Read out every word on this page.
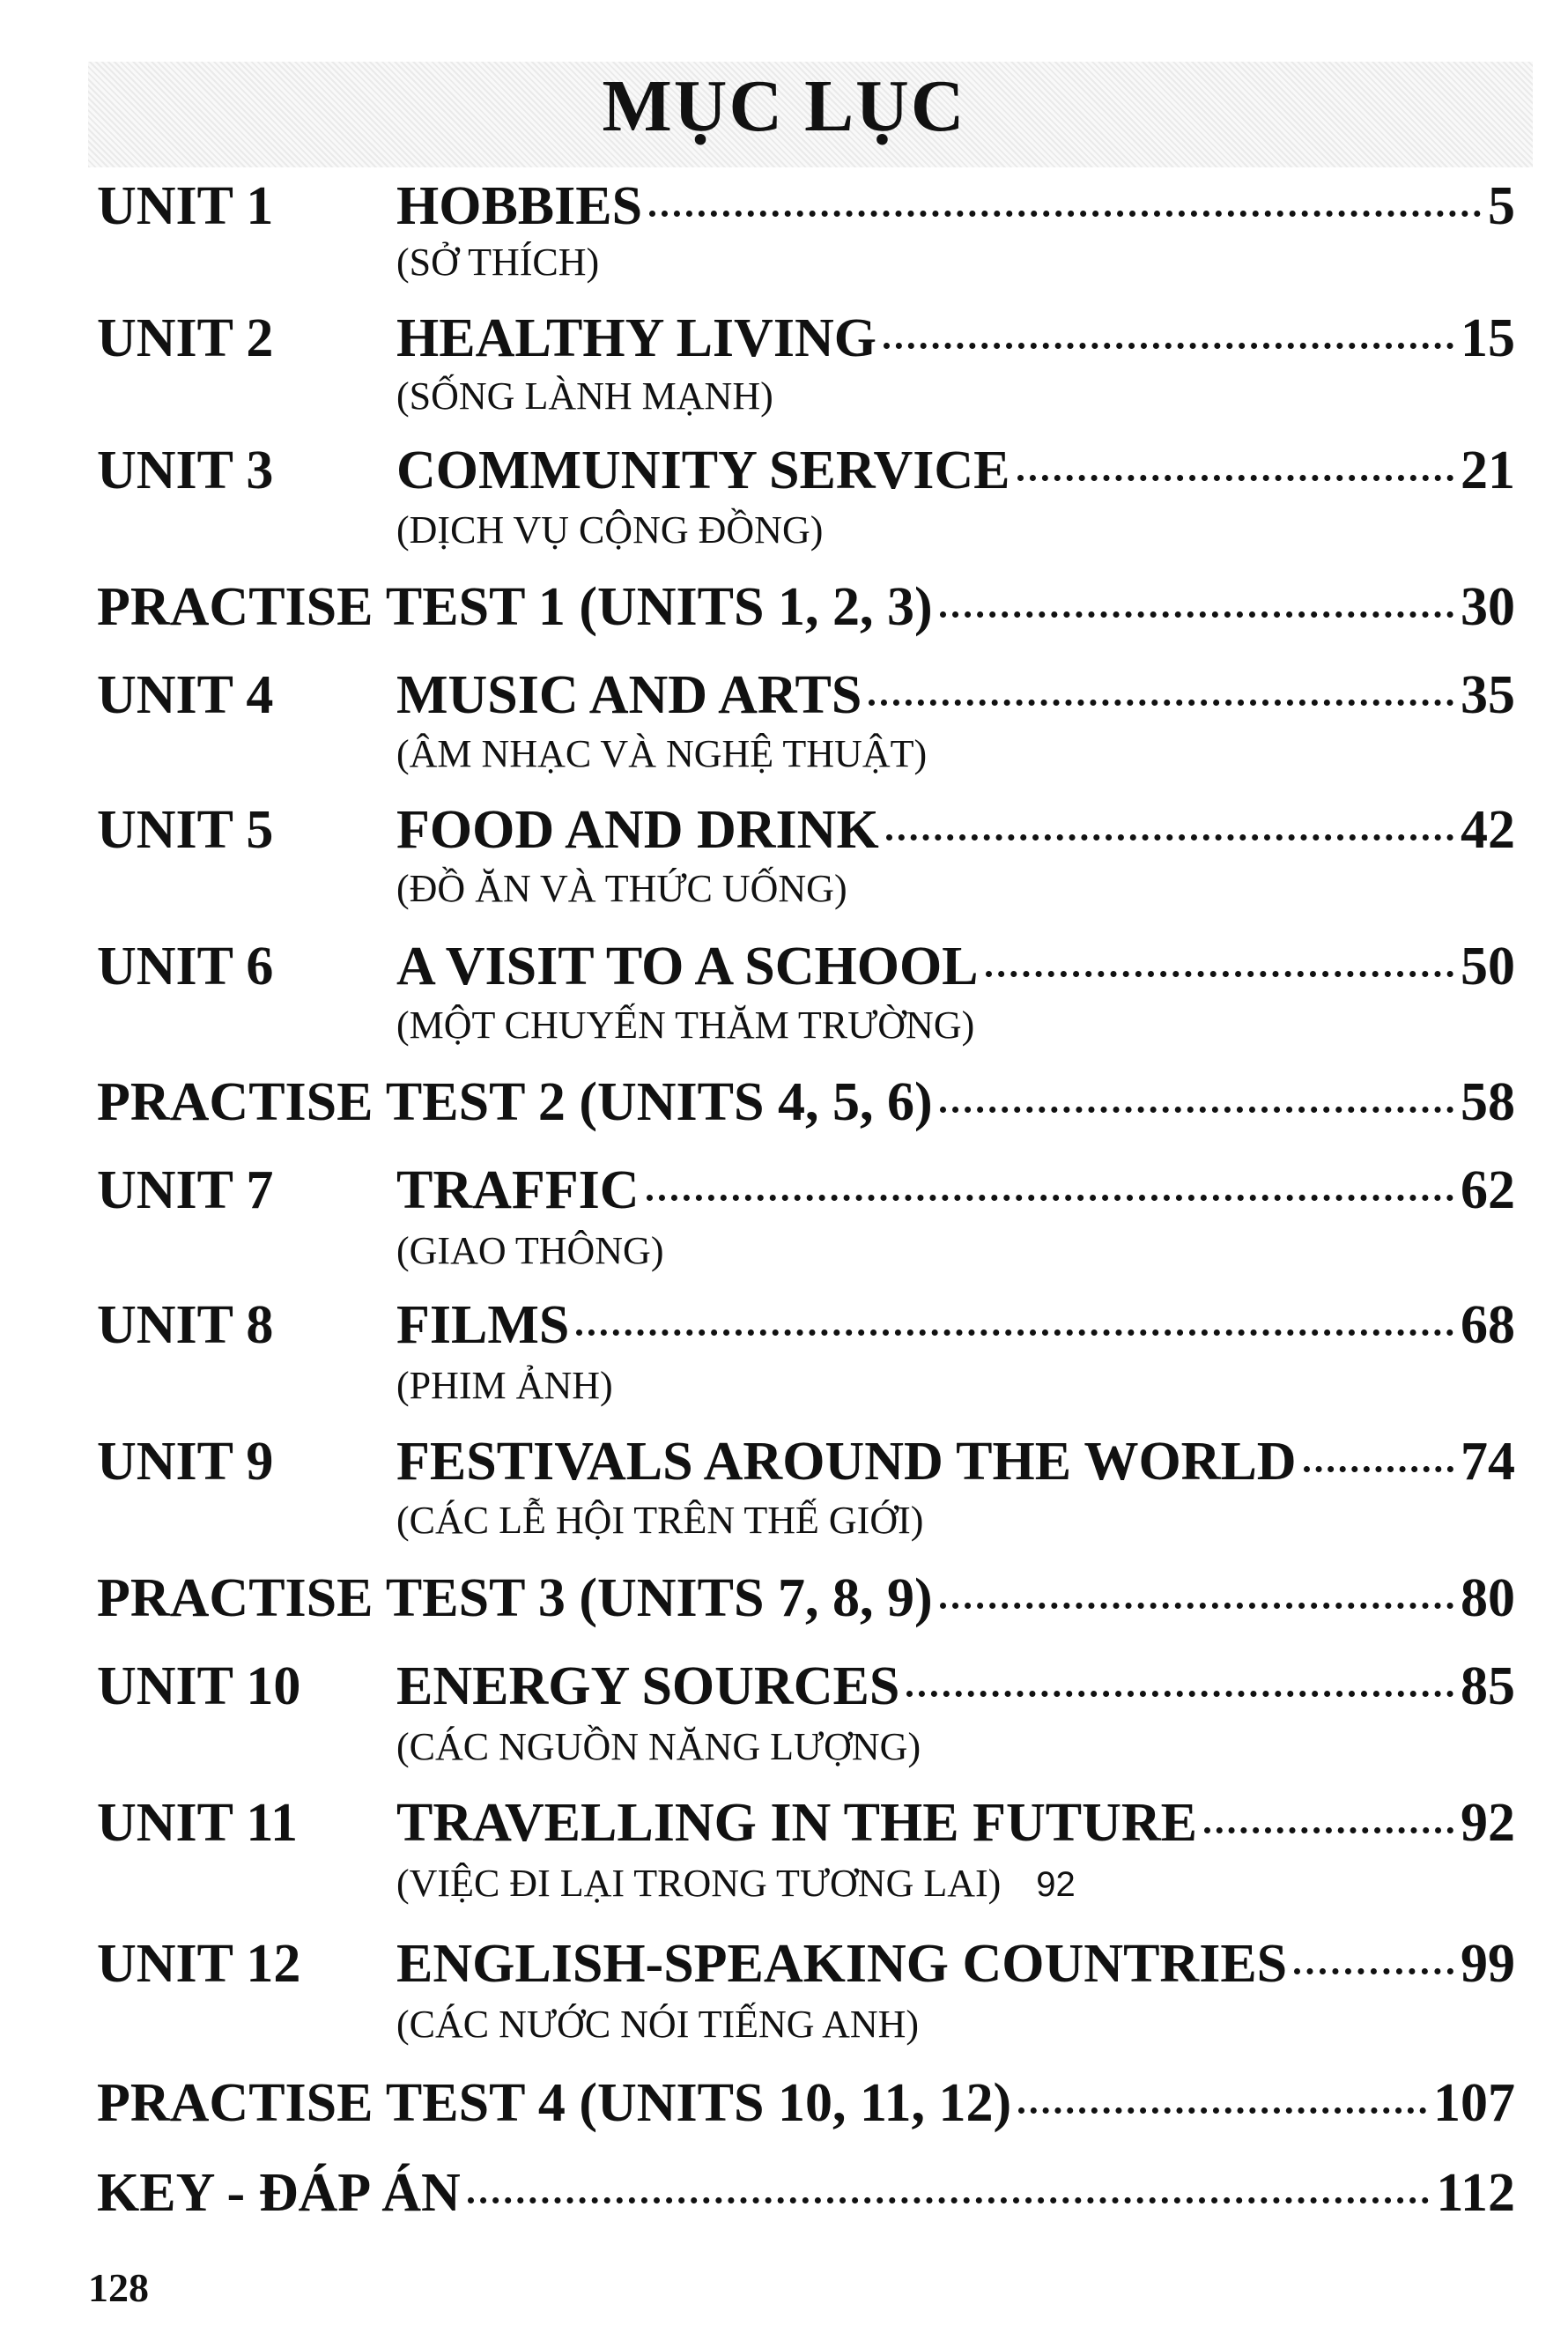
MỤC LỤC
UNIT 1 HOBBIES	5
(SỞ THÍCH)
UNIT 2 HEALTHY LIVING	15
(SỐNG LÀNH MẠNH)
UNIT 3 COMMUNITY SERVICE	21
(DỊCH VỤ CỘNG ĐỒNG)
PRACTISE TEST 1 (UNITS 1, 2, 3)	30
UNIT 4 MUSIC AND ARTS	35
(ÂM NHẠC VÀ NGHỆ THUẬT)
UNIT 5 FOOD AND DRINK	42
(ĐỒ ĂN VÀ THỨC UỐNG)
UNIT 6 A VISIT TO A SCHOOL	50
(MỘT CHUYẾN THĂM TRƯỜNG)
PRACTISE TEST 2 (UNITS 4, 5, 6)	58
UNIT 7 TRAFFIC	62
(GIAO THÔNG)
UNIT 8 FILMS	68
(PHIM ẢNH)
UNIT 9 FESTIVALS AROUND THE WORLD	74
(CÁC LỄ HỘI TRÊN THẾ GIỚI)
PRACTISE TEST 3 (UNITS 7, 8, 9)	80
UNIT 10 ENERGY SOURCES	85
(CÁC NGUỒN NĂNG LƯỢNG)
UNIT 11 TRAVELLING IN THE FUTURE	92
(VIỆC ĐI LẠI TRONG TƯƠNG LAI) 92
UNIT 12 ENGLISH-SPEAKING COUNTRIES	99
(CÁC NƯỚC NÓI TIẾNG ANH)
PRACTISE TEST 4 (UNITS 10, 11, 12)	107
KEY - ĐÁP ÁN	112
128
